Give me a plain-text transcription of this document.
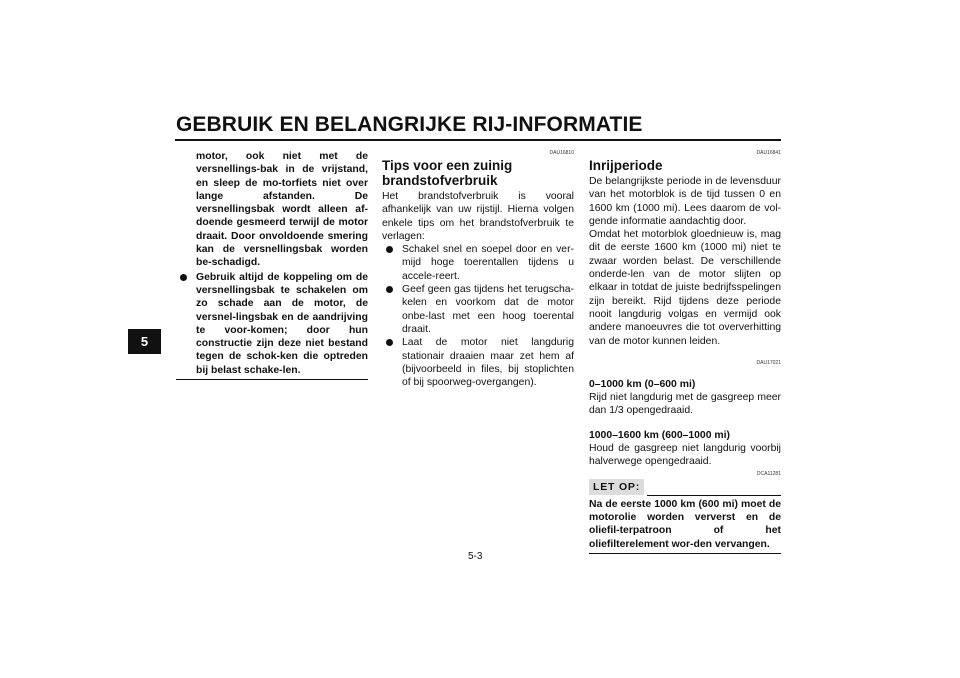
GEBRUIK EN BELANGRIJKE RIJ-INFORMATIE
5

motor, ook niet met de versnellings-bak in de vrijstand, en sleep de mo-torfiets niet over lange afstanden. De versnellingsbak wordt alleen af-doende gesmeerd terwijl de motor draait. Door onvoldoende smering kan de versnellingsbak worden be-schadigd.

Gebruik altijd de koppeling om de versnellingsbak te schakelen om zo schade aan de motor, de versnel-lingsbak en de aandrijving te voor-komen; door hun constructie zijn deze niet bestand tegen de schok-ken die optreden bij belast schake-len.

DAU16810

Tips voor een zuinig brandstofverbruik

Het brandstofverbruik is vooral afhankelijk van uw rijstijl. Hierna volgen enkele tips om het brandstofverbruik te verlagen:

Schakel snel en soepel door en ver-mijd hoge toerentallen tijdens u accele-reert.

Geef geen gas tijdens het terugscha-kelen en voorkom dat de motor onbe-last met een hoog toerental draait.

Laat de motor niet langdurig stationair draaien maar zet hem af (bijvoorbeeld in files, bij stoplichten of bij spoorweg-overgangen).

DAU16841

Inrijperiode

De belangrijkste periode in de levensduur van het motorblok is de tijd tussen 0 en 1600 km (1000 mi). Lees daarom de vol-gende informatie aandachtig door.

Omdat het motorblok gloednieuw is, mag dit de eerste 1600 km (1000 mi) niet te zwaar worden belast. De verschillende onderde-len van de motor slijten op elkaar in totdat de juiste bedrijfsspelingen zijn bereikt. Rijd tijdens deze periode nooit langdurig volgas en vermijd ook andere manoeuvres die tot oververhitting van de motor kunnen leiden.

DAU17021

0–1000 km (0–600 mi)

Rijd niet langdurig met de gasgreep meer dan 1/3 opengedraaid.

1000–1600 km (600–1000 mi)

Houd de gasgreep niet langdurig voorbij halverwege opengedraaid.

DCA11281

LET OP:

Na de eerste 1000 km (600 mi) moet de motorolie worden ververst en de oliefil-terpatroon of het oliefilterelement wor-den vervangen.

5-3
